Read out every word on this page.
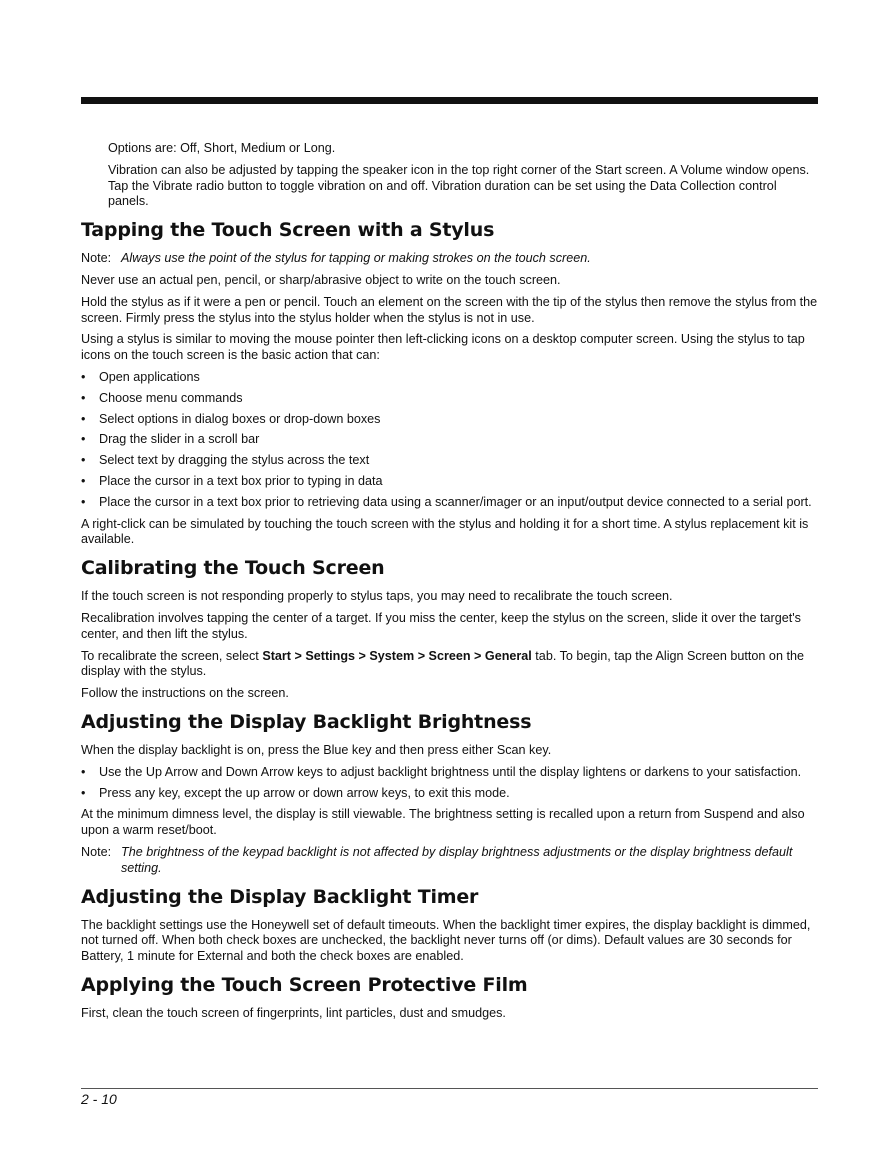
Options are: Off, Short, Medium or Long.

Vibration can also be adjusted by tapping the speaker icon in the top right corner of the Start screen. A Volume window opens. Tap the Vibrate radio button to toggle vibration on and off. Vibration duration can be set using the Data Collection control panels.

Tapping the Touch Screen with a Stylus
Note: Always use the point of the stylus for tapping or making strokes on the touch screen.

Never use an actual pen, pencil, or sharp/abrasive object to write on the touch screen.

Hold the stylus as if it were a pen or pencil. Touch an element on the screen with the tip of the stylus then remove the stylus from the screen. Firmly press the stylus into the stylus holder when the stylus is not in use.

Using a stylus is similar to moving the mouse pointer then left-clicking icons on a desktop computer screen. Using the stylus to tap icons on the touch screen is the basic action that can:

• Open applications
• Choose menu commands
• Select options in dialog boxes or drop-down boxes
• Drag the slider in a scroll bar
• Select text by dragging the stylus across the text
• Place the cursor in a text box prior to typing in data
• Place the cursor in a text box prior to retrieving data using a scanner/imager or an input/output device connected to a serial port.

A right-click can be simulated by touching the touch screen with the stylus and holding it for a short time. A stylus replacement kit is available.

Calibrating the Touch Screen

If the touch screen is not responding properly to stylus taps, you may need to recalibrate the touch screen.

Recalibration involves tapping the center of a target. If you miss the center, keep the stylus on the screen, slide it over the target's center, and then lift the stylus.

To recalibrate the screen, select Start > Settings > System > Screen > General tab. To begin, tap the Align Screen button on the display with the stylus.

Follow the instructions on the screen.

Adjusting the Display Backlight Brightness

When the display backlight is on, press the Blue key and then press either Scan key.

• Use the Up Arrow and Down Arrow keys to adjust backlight brightness until the display lightens or darkens to your satisfaction.
• Press any key, except the up arrow or down arrow keys, to exit this mode.

At the minimum dimness level, the display is still viewable. The brightness setting is recalled upon a return from Suspend and also upon a warm reset/boot.

Note: The brightness of the keypad backlight is not affected by display brightness adjustments or the display brightness default setting.
Adjusting the Display Backlight Timer

The backlight settings use the Honeywell set of default timeouts. When the backlight timer expires, the display backlight is dimmed, not turned off. When both check boxes are unchecked, the backlight never turns off (or dims). Default values are 30 seconds for Battery, 1 minute for External and both the check boxes are enabled.

Applying the Touch Screen Protective Film

First, clean the touch screen of fingerprints, lint particles, dust and smudges.

2 - 10
